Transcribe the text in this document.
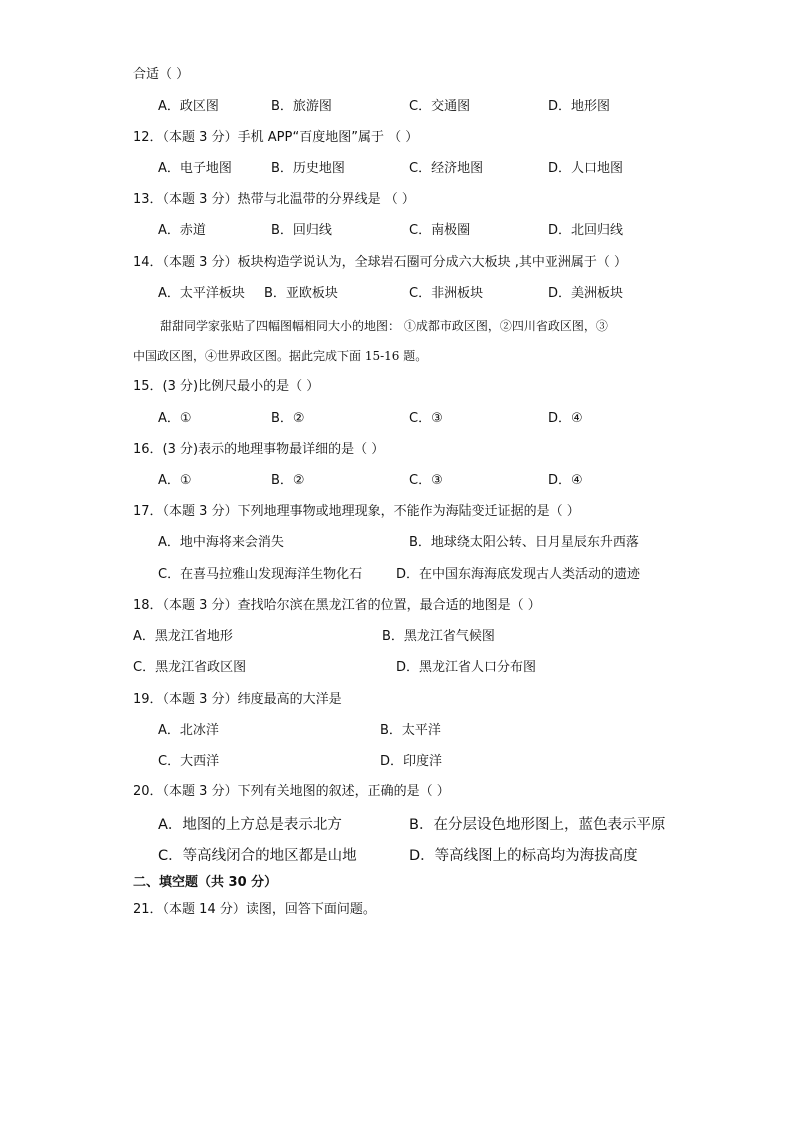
合适（ ）
A．政区图	B．旅游图	C．交通图	D．地形图
12．（本题 3 分）手机 APP“百度地图”属于 （ ）
A．电子地图	B．历史地图	C．经济地图	D．人口地图
13．（本题 3 分）热带与北温带的分界线是 （ ）
A．赤道	B．回归线	C．南极圈	D．北回归线
14．（本题 3 分）板块构造学说认为，全球岩石圈可分成六大板块 ,其中亚洲属于（ ）
A．太平洋板块 B．亚欧板块	C．非洲板块	D．美洲板块
甜甜同学家张贴了四幅图幅相同大小的地图： ①成都市政区图，②四川省政区图，③
中国政区图，④世界政区图。据此完成下面 15-16 题。
15．(3 分)比例尺最小的是（ ）
A．①	B．②	C．③	D．④
16．(3 分)表示的地理事物最详细的是（ ）
A．①	B．②	C．③	D．④
17．（本题 3 分）下列地理事物或地理现象，不能作为海陆变迁证据的是（ ）
A．地中海将来会消失	B．地球绕太阳公转、日月星辰东升西落
C．在喜马拉雅山发现海洋生物化石	D．在中国东海海底发现古人类活动的遗迹
18．（本题 3 分）查找哈尔滨在黑龙江省的位置，最合适的地图是（ ）
A．黑龙江省地形	B．黑龙江省气候图
C．黑龙江省政区图	D．黑龙江省人口分布图
19．（本题 3 分）纬度最高的大洋是
A．北冰洋	B．太平洋
C．大西洋	D．印度洋
20．（本题 3 分）下列有关地图的叙述，正确的是（ ）
A．地图的上方总是表示北方	B．在分层设色地形图上，蓝色表示平原
C．等高线闭合的地区都是山地	D．等高线图上的标高均为海拔高度
二、填空题（共 30 分）
21．（本题 14 分）读图，回答下面问题。
